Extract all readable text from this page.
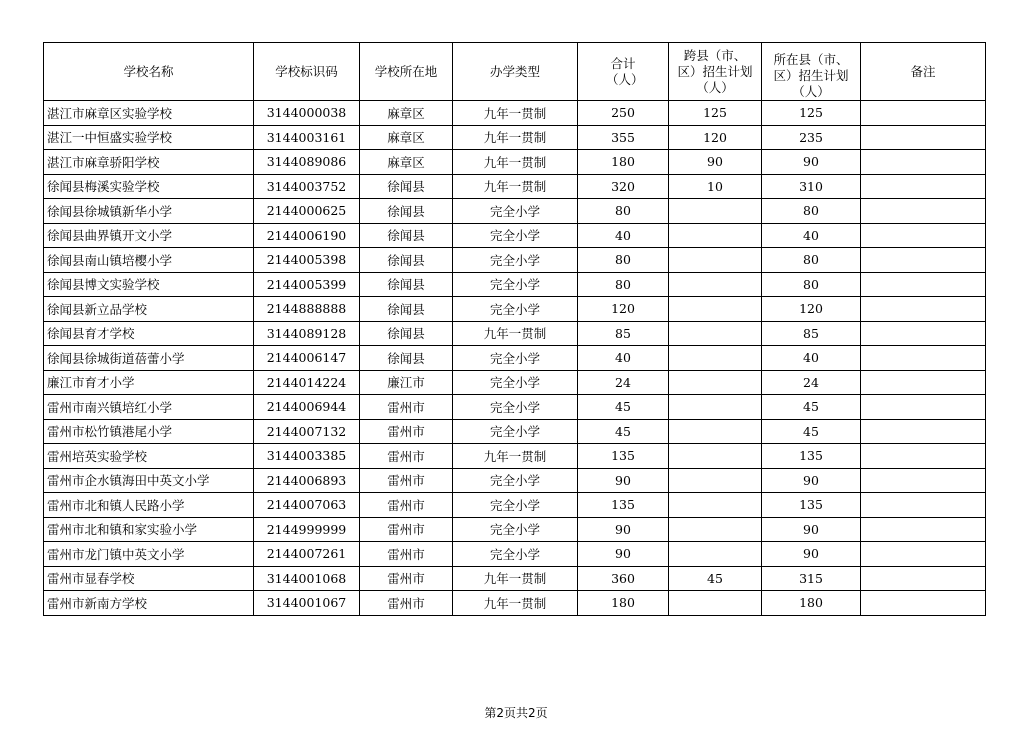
学校名称	学校标识码	学校所在地	办学类型	合计（人）	跨县（市、区）招生计划（人）	所在县（市、区）招生计划（人）	备注
湛江市麻章区实验学校	3144000038	麻章区	九年一贯制	250	125	125	
湛江一中恒盛实验学校	3144003161	麻章区	九年一贯制	355	120	235	
湛江市麻章骄阳学校	3144089086	麻章区	九年一贯制	180	90	90	
徐闻县梅溪实验学校	3144003752	徐闻县	九年一贯制	320	10	310	
徐闻县徐城镇新华小学	2144000625	徐闻县	完全小学	80		80	
徐闻县曲界镇开文小学	2144006190	徐闻县	完全小学	40		40	
徐闻县南山镇培樱小学	2144005398	徐闻县	完全小学	80		80	
徐闻县博文实验学校	2144005399	徐闻县	完全小学	80		80	
徐闻县新立品学校	2144888888	徐闻县	完全小学	120		120	
徐闻县育才学校	3144089128	徐闻县	九年一贯制	85		85	
徐闻县徐城街道蓓蕾小学	2144006147	徐闻县	完全小学	40		40	
廉江市育才小学	2144014224	廉江市	完全小学	24		24	
雷州市南兴镇培红小学	2144006944	雷州市	完全小学	45		45	
雷州市松竹镇港尾小学	2144007132	雷州市	完全小学	45		45	
雷州培英实验学校	3144003385	雷州市	九年一贯制	135		135	
雷州市企水镇海田中英文小学	2144006893	雷州市	完全小学	90		90	
雷州市北和镇人民路小学	2144007063	雷州市	完全小学	135		135	
雷州市北和镇和家实验小学	2144999999	雷州市	完全小学	90		90	
雷州市龙门镇中英文小学	2144007261	雷州市	完全小学	90		90	
雷州市显春学校	3144001068	雷州市	九年一贯制	360	45	315	
雷州市新南方学校	3144001067	雷州市	九年一贯制	180		180	
第2页共2页
